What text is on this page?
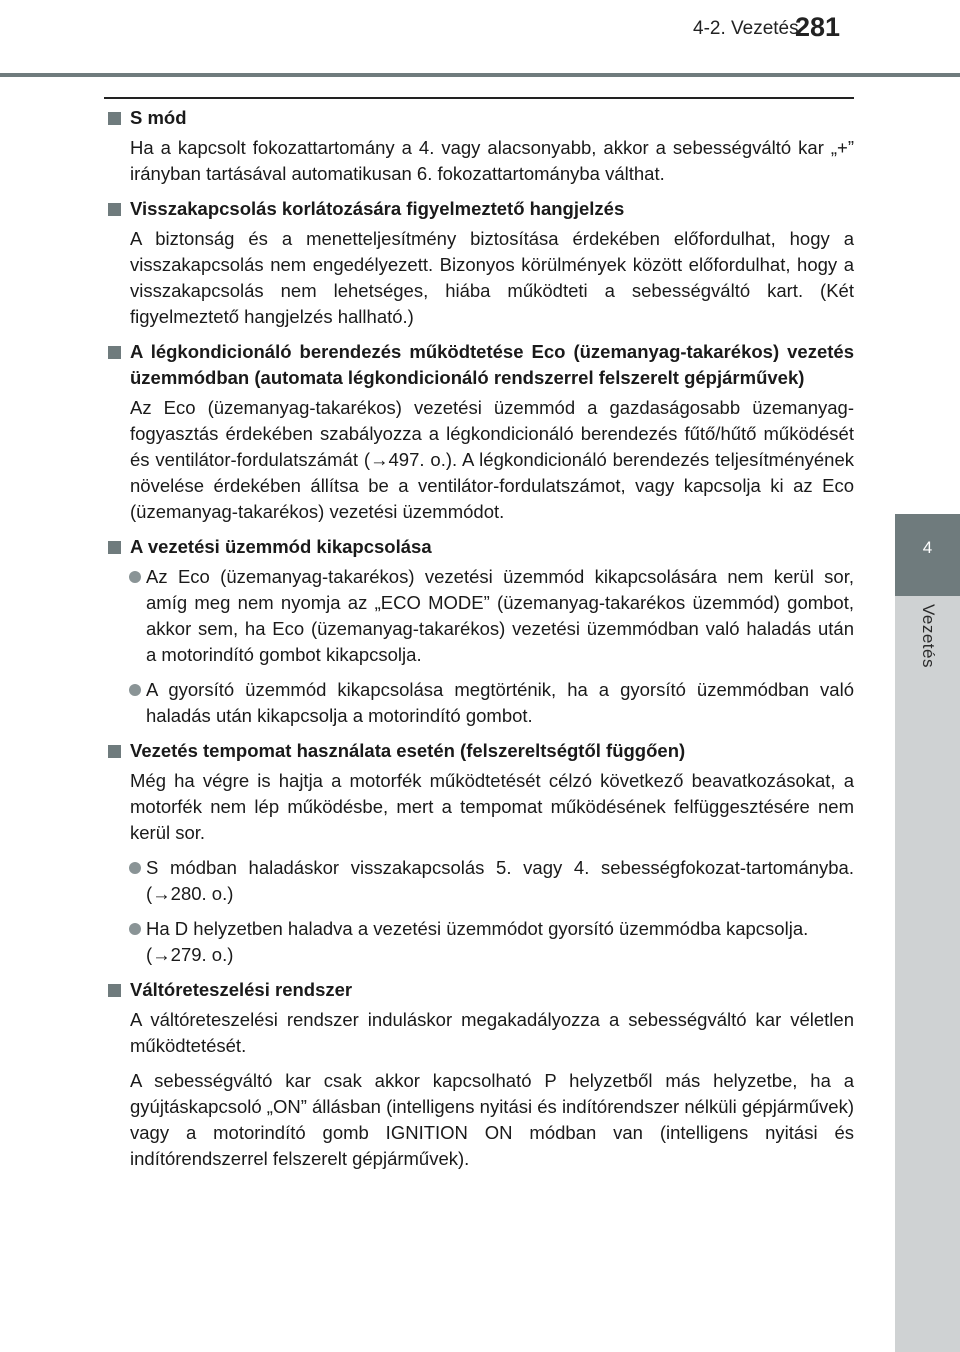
4-2. Vezetés
281
4
Vezetés
S mód
Ha a kapcsolt fokozattartomány a 4. vagy alacsonyabb, akkor a sebességváltó kar „+” irányban tartásával automatikusan 6. fokozattartományba válthat.
Visszakapcsolás korlátozására figyelmeztető hangjelzés
A biztonság és a menetteljesítmény biztosítása érdekében előfordulhat, hogy a visszakapcsolás nem engedélyezett. Bizonyos körülmények között előfordulhat, hogy a visszakapcsolás nem lehetséges, hiába működteti a sebességváltó kart. (Két figyelmeztető hangjelzés hallható.)
A légkondicionáló berendezés működtetése Eco (üzemanyag-takarékos) vezetés üzemmódban (automata légkondicionáló rendszerrel felszerelt gépjárművek)
Az Eco (üzemanyag-takarékos) vezetési üzemmód a gazdaságosabb üzemanyag-fogyasztás érdekében szabályozza a légkondicionáló berendezés fűtő/hűtő működését és ventilátor-fordulatszámát (→497. o.). A légkondicionáló berendezés teljesítményének növelése érdekében állítsa be a ventilátor-fordulatszámot, vagy kapcsolja ki az Eco (üzemanyag-takarékos) vezetési üzemmódot.
A vezetési üzemmód kikapcsolása
Az Eco (üzemanyag-takarékos) vezetési üzemmód kikapcsolására nem kerül sor, amíg meg nem nyomja az „ECO MODE” (üzemanyag-takarékos üzemmód) gombot, akkor sem, ha Eco (üzemanyag-takarékos) vezetési üzemmódban való haladás után a motorindító gombot kikapcsolja.
A gyorsító üzemmód kikapcsolása megtörténik, ha a gyorsító üzemmódban való haladás után kikapcsolja a motorindító gombot.
Vezetés tempomat használata esetén (felszereltségtől függően)
Még ha végre is hajtja a motorfék működtetését célzó következő beavatkozásokat, a motorfék nem lép működésbe, mert a tempomat működésének felfüggesztésére nem kerül sor.
S módban haladáskor visszakapcsolás 5. vagy 4. sebességfokozat-tartományba. (→280. o.)
Ha D helyzetben haladva a vezetési üzemmódot gyorsító üzemmódba kapcsolja.
(→279. o.)
Váltóreteszelési rendszer
A váltóreteszelési rendszer induláskor megakadályozza a sebességváltó kar véletlen működtetését.
A sebességváltó kar csak akkor kapcsolható P helyzetből más helyzetbe, ha a gyújtáskapcsoló „ON” állásban (intelligens nyitási és indítórendszer nélküli gépjárművek) vagy a motorindító gomb IGNITION ON módban van (intelligens nyitási és indítórendszerrel felszerelt gépjárművek).
